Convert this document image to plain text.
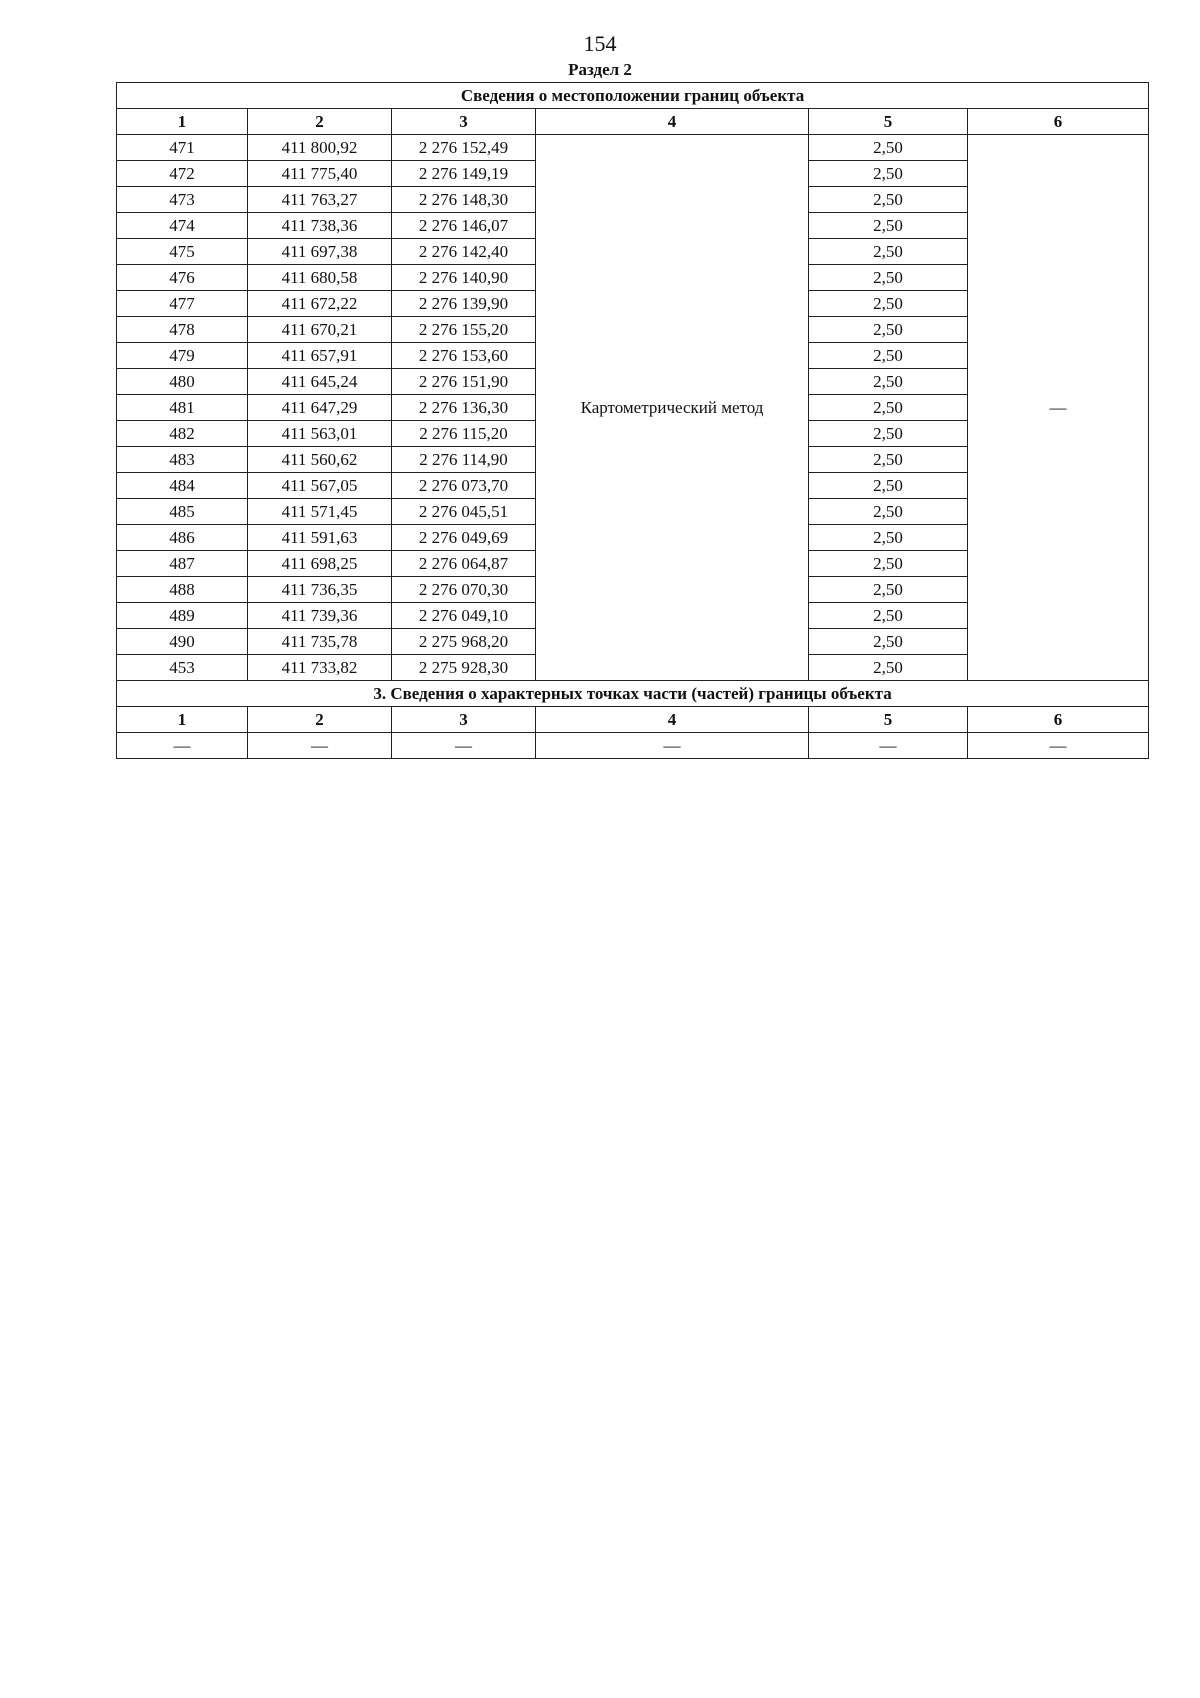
154
Раздел 2
Сведения о местоположении границ объекта					
1	2	3	4	5	6
471	411 800,92	2 276 152,49	Картометрический метод	2,50	—
472	411 775,40	2 276 149,19		2,50	
473	411 763,27	2 276 148,30		2,50	
474	411 738,36	2 276 146,07		2,50	
475	411 697,38	2 276 142,40		2,50	
476	411 680,58	2 276 140,90		2,50	
477	411 672,22	2 276 139,90		2,50	
478	411 670,21	2 276 155,20		2,50	
479	411 657,91	2 276 153,60		2,50	
480	411 645,24	2 276 151,90		2,50	
481	411 647,29	2 276 136,30		2,50	
482	411 563,01	2 276 115,20		2,50	
483	411 560,62	2 276 114,90		2,50	
484	411 567,05	2 276 073,70		2,50	
485	411 571,45	2 276 045,51		2,50	
486	411 591,63	2 276 049,69		2,50	
487	411 698,25	2 276 064,87		2,50	
488	411 736,35	2 276 070,30		2,50	
489	411 739,36	2 276 049,10		2,50	
490	411 735,78	2 275 968,20		2,50	
453	411 733,82	2 275 928,30		2,50	
3. Сведения о характерных точках части (частей) границы объекта					
1	2	3	4	5	6
—	—	—	—	—	—
